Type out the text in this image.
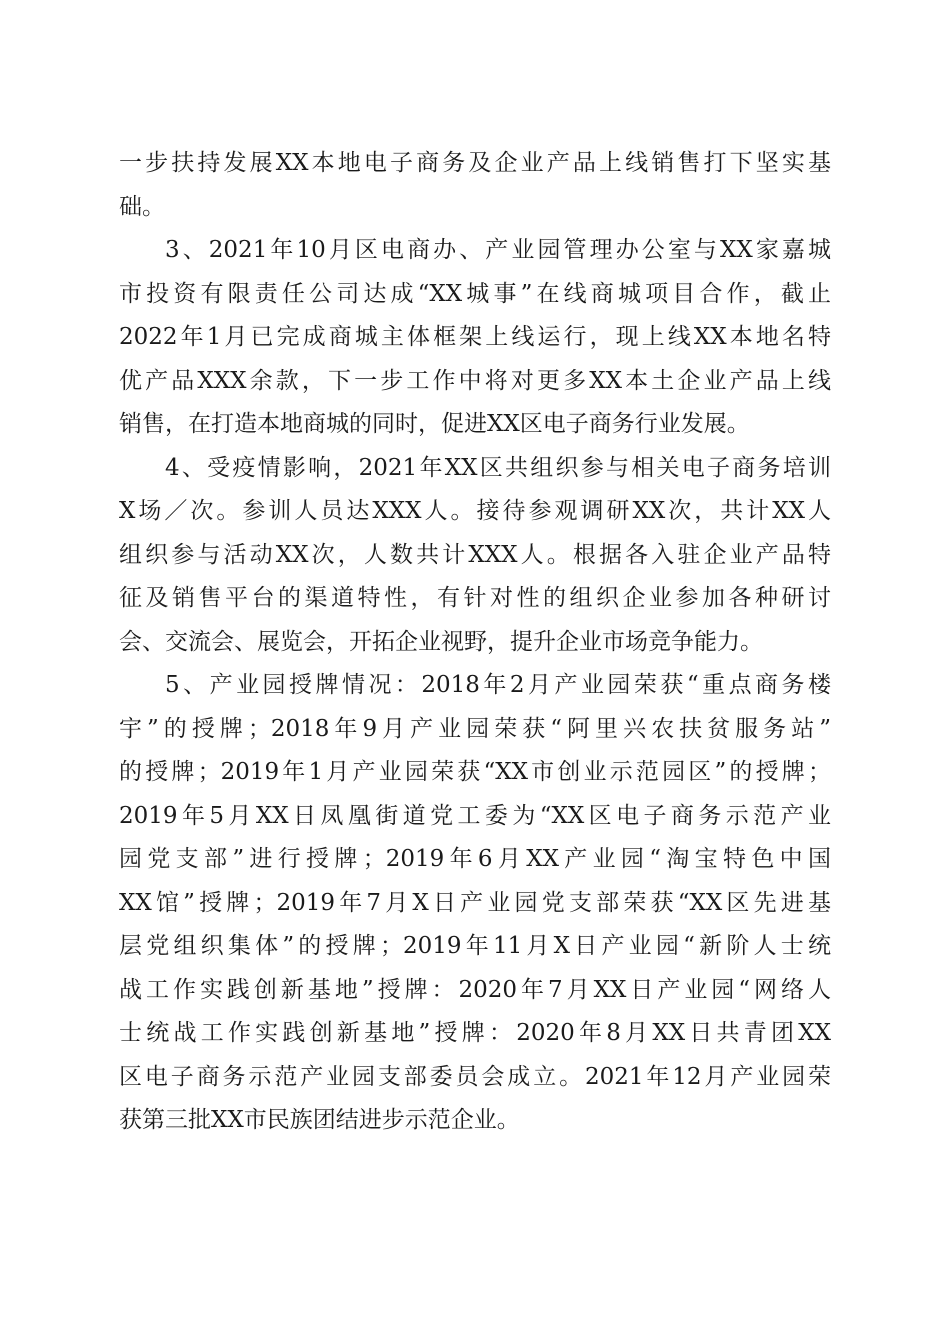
一步扶持发展XX本地电子商务及企业产品上线销售打下坚实基
础。
3、2021年10月区电商办、产业园管理办公室与XX家嘉城
市投资有限责任公司达成“XX城事”在线商城项目合作，截止
2022年1月已完成商城主体框架上线运行，现上线XX本地名特
优产品XXX余款，下一步工作中将对更多XX本土企业产品上线
销售，在打造本地商城的同时，促进XX区电子商务行业发展。
4、受疫情影响，2021年XX区共组织参与相关电子商务培训
X场／次。参训人员达XXX人。接待参观调研XX次，共计XX人
组织参与活动XX次，人数共计XXX人。根据各入驻企业产品特
征及销售平台的渠道特性，有针对性的组织企业参加各种研讨
会、交流会、展览会，开拓企业视野，提升企业市场竞争能力。
5、产业园授牌情况：2018年2月产业园荣获“重点商务楼
宇”的授牌；2018年9月产业园荣获“阿里兴农扶贫服务站”
的授牌；2019年1月产业园荣获“XX市创业示范园区”的授牌；
2019年5月XX日凤凰街道党工委为“XX区电子商务示范产业
园党支部”进行授牌；2019年6月XX产业园“淘宝特色中国
XX馆”授牌；2019年7月X日产业园党支部荣获“XX区先进基
层党组织集体”的授牌；2019年11月X日产业园“新阶人士统
战工作实践创新基地”授牌：2020年7月XX日产业园“网络人
士统战工作实践创新基地”授牌：2020年8月XX日共青团XX
区电子商务示范产业园支部委员会成立。2021年12月产业园荣
获第三批XX市民族团结进步示范企业。
